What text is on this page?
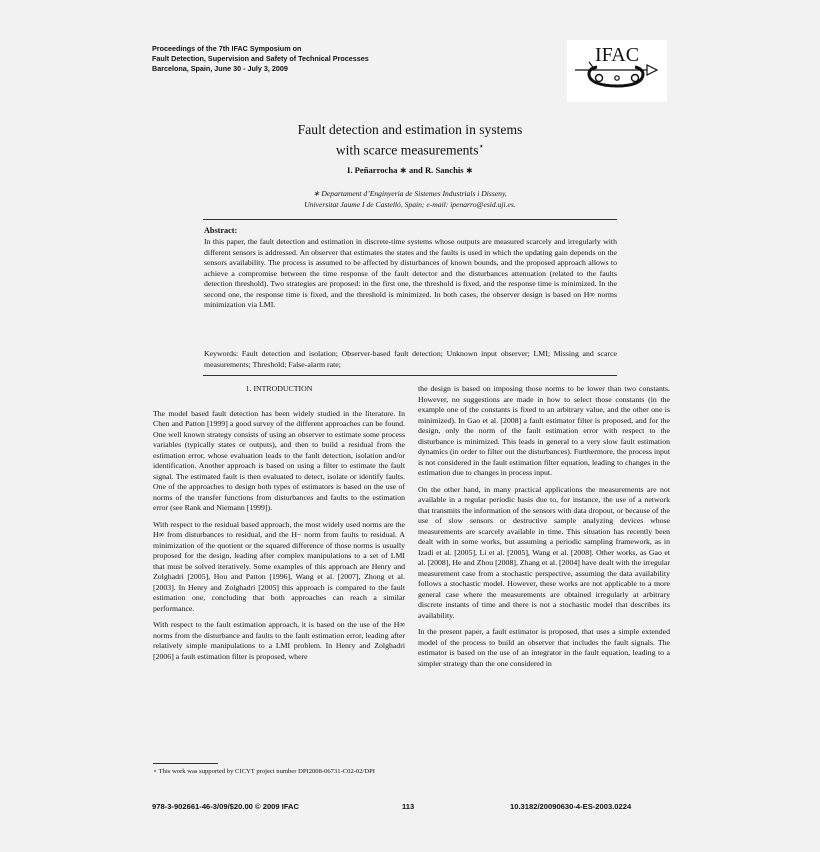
Proceedings of the 7th IFAC Symposium on
Fault Detection, Supervision and Safety of Technical Processes
Barcelona, Spain, June 30 - July 3, 2009
IFAC
Fault detection and estimation in systems
with scarce measurements⋆
I. Peñarrocha ∗ and R. Sanchis ∗
∗ Departament d’Enginyeria de Sistemes Industrials i Disseny,
Universitat Jaume I de Castelló, Spain; e-mail: ipenarro@esid.uji.es.
Abstract:
In this paper, the fault detection and estimation in discrete-time systems whose outputs are measured scarcely and irregularly with different sensors is addressed. An observer that estimates the states and the faults is used in which the updating gain depends on the sensors availability. The process is assumed to be affected by disturbances of known bounds, and the proposed approach allows to achieve a compromise between the time response of the fault detector and the disturbances attenuation (related to the faults detection threshold). Two strategies are proposed: in the first one, the threshold is fixed, and the response time is minimized. In the second one, the response time is fixed, and the threshold is minimized. In both cases, the observer design is based on H∞ norms minimization via LMI.
Keywords: Fault detection and isolation; Observer-based fault detection; Unknown input observer; LMI; Missing and scarce measurements; Threshold; False-alarm rate;

1. INTRODUCTION

The model based fault detection has been widely studied in the literature. In Chen and Patton [1999] a good survey of the different approaches can be found. One well known strategy consists of using an observer to estimate some process variables (typically states or outputs), and then to build a residual from the estimation error, whose evaluation leads to the fault detection, isolation and/or identification. Another approach is based on using a filter to estimate the fault signal. The estimated fault is then evaluated to detect, isolate or identify faults. One of the approaches to design both types of estimators is based on the use of norms of the transfer functions from disturbances and faults to the estimation error (see Rank and Niemann [1999]).

With respect to the residual based approach, the most widely used norms are the H∞ from disturbances to residual, and the H− norm from faults to residual. A minimization of the quotient or the squared difference of those norms is usually proposed for the design, leading after complex manipulations to a set of LMI that must be solved iteratively. Some examples of this approach are Henry and Zolghadri [2005], Hou and Patton [1996], Wang et al. [2007], Zhong et al. [2003]. In Henry and Zolghadri [2005] this approach is compared to the fault estimation one, concluding that both approaches can reach a similar performance.

With respect to the fault estimation approach, it is based on the use of the H∞ norms from the disturbance and faults to the fault estimation error, leading after relatively simple manipulations to a LMI problem. In Henry and Zolghadri [2006] a fault estimation filter is proposed, where

the design is based on imposing those norms to be lower than two constants. However, no suggestions are made in how to select those constants (in the example one of the constants is fixed to an arbitrary value, and the other one is minimized). In Gao et al. [2008] a fault estimator filter is proposed, and for the design, only the norm of the fault estimation error with respect to the disturbance is minimized. This leads in general to a very slow fault estimation dynamics (in order to filter out the disturbances). Furthermore, the process input is not considered in the fault estimation filter equation, leading to changes in the estimation due to changes in process input.

On the other hand, in many practical applications the measurements are not available in a regular periodic basis due to, for instance, the use of a network that transmits the information of the sensors with data dropout, or because of the use of slow sensors or destructive sample analyzing devices whose measurements are scarcely available in time. This situation has recently been dealt with in some works, but assuming a periodic sampling framework, as in Izadi et al. [2005], Li et al. [2005], Wang et al. [2008]. Other works, as Gao et al. [2008], He and Zhou [2008], Zhang et al. [2004] have dealt with the irregular measurement case from a stochastic perspective, assuming the data availability follows a stochastic model. However, these works are not applicable to a more general case where the measurements are obtained irregularly at arbitrary discrete instants of time and there is not a stochastic model that describes its availability.

In the present paper, a fault estimator is proposed, that uses a simple extended model of the process to build an observer that includes the fault signals. The estimator is based on the use of an integrator in the fault equation, leading to a simpler strategy than the one considered in

⋆ This work was supported by CICYT project number DPI2008-06731-C02-02/DPI
978-3-902661-46-3/09/$20.00 © 2009 IFAC	113	10.3182/20090630-4-ES-2003.0224
